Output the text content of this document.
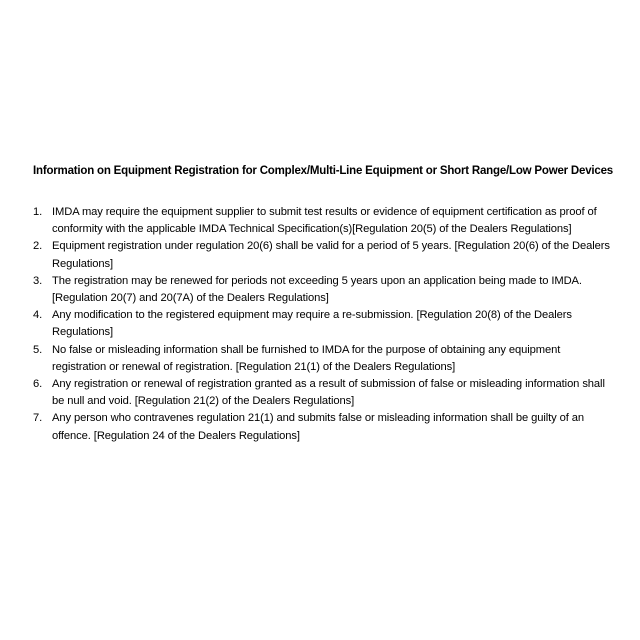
Information on Equipment Registration for Complex/Multi-Line Equipment or Short Range/Low Power Devices
1. IMDA may require the equipment supplier to submit test results or evidence of equipment certification as proof of conformity with the applicable IMDA Technical Specification(s)[Regulation 20(5) of the Dealers Regulations]
2. Equipment registration under regulation 20(6) shall be valid for a period of 5 years. [Regulation 20(6) of the Dealers Regulations]
3. The registration may be renewed for periods not exceeding 5 years upon an application being made to IMDA. [Regulation 20(7) and 20(7A) of the Dealers Regulations]
4. Any modification to the registered equipment may require a re-submission. [Regulation 20(8) of the Dealers Regulations]
5. No false or misleading information shall be furnished to IMDA for the purpose of obtaining any equipment registration or renewal of registration. [Regulation 21(1) of the Dealers Regulations]
6. Any registration or renewal of registration granted as a result of submission of false or misleading information shall be null and void. [Regulation 21(2) of the Dealers Regulations]
7. Any person who contravenes regulation 21(1) and submits false or misleading information shall be guilty of an offence. [Regulation 24 of the Dealers Regulations]
